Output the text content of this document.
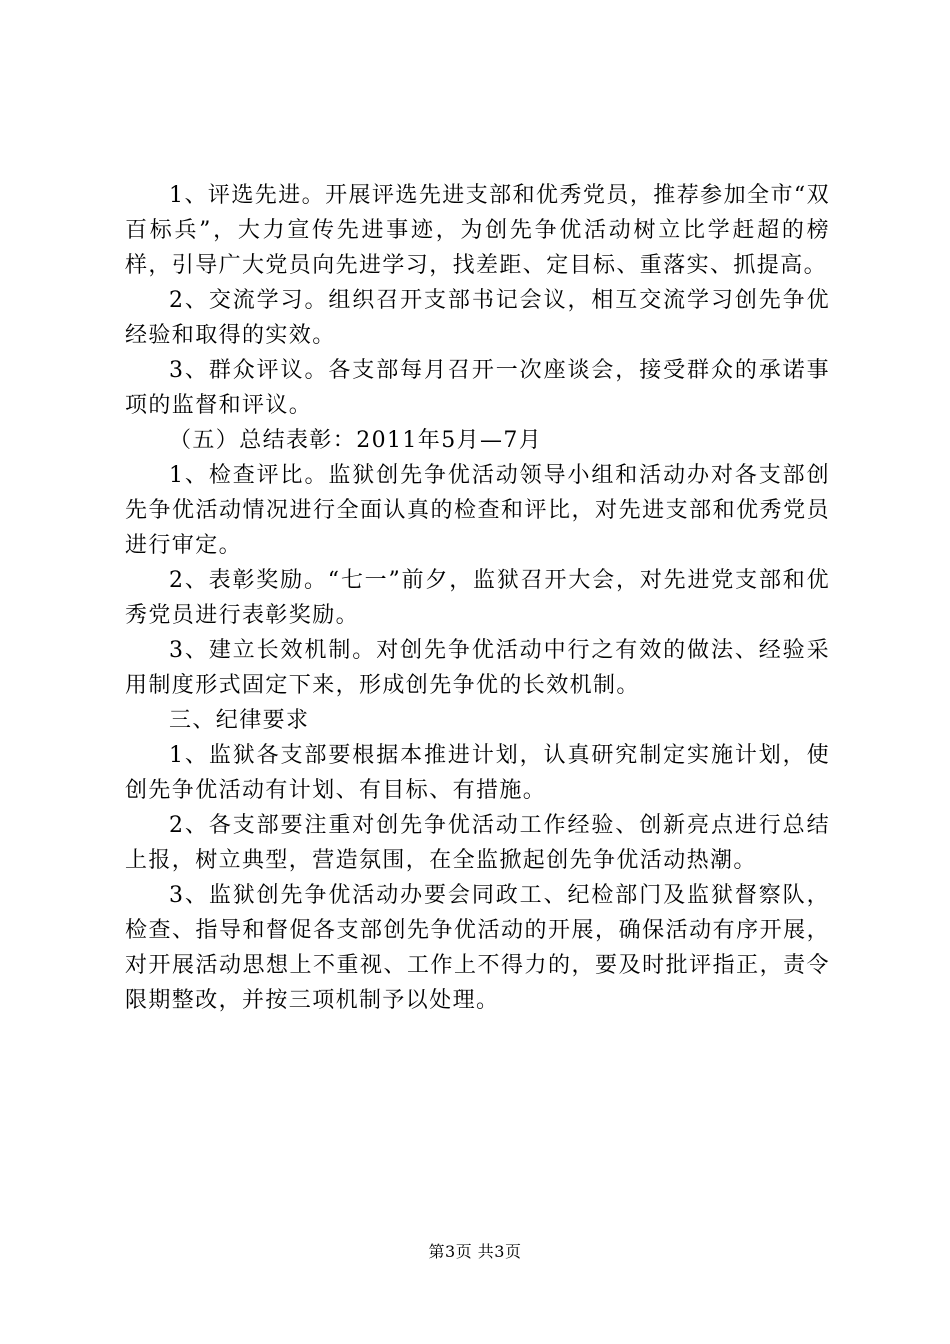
1、评选先进。开展评选先进支部和优秀党员，推荐参加全市“双百标兵”，大力宣传先进事迹，为创先争优活动树立比学赶超的榜样，引导广大党员向先进学习，找差距、定目标、重落实、抓提高。

2、交流学习。组织召开支部书记会议，相互交流学习创先争优经验和取得的实效。

3、群众评议。各支部每月召开一次座谈会，接受群众的承诺事项的监督和评议。

（五）总结表彰：2011年5月—7月

1、检查评比。监狱创先争优活动领导小组和活动办对各支部创先争优活动情况进行全面认真的检查和评比，对先进支部和优秀党员进行审定。

2、表彰奖励。“七一”前夕，监狱召开大会，对先进党支部和优秀党员进行表彰奖励。

3、建立长效机制。对创先争优活动中行之有效的做法、经验采用制度形式固定下来，形成创先争优的长效机制。

三、纪律要求

1、监狱各支部要根据本推进计划，认真研究制定实施计划，使创先争优活动有计划、有目标、有措施。

2、各支部要注重对创先争优活动工作经验、创新亮点进行总结上报，树立典型，营造氛围，在全监掀起创先争优活动热潮。

3、监狱创先争优活动办要会同政工、纪检部门及监狱督察队，检查、指导和督促各支部创先争优活动的开展，确保活动有序开展，对开展活动思想上不重视、工作上不得力的，要及时批评指正，责令限期整改，并按三项机制予以处理。

第3页 共3页
